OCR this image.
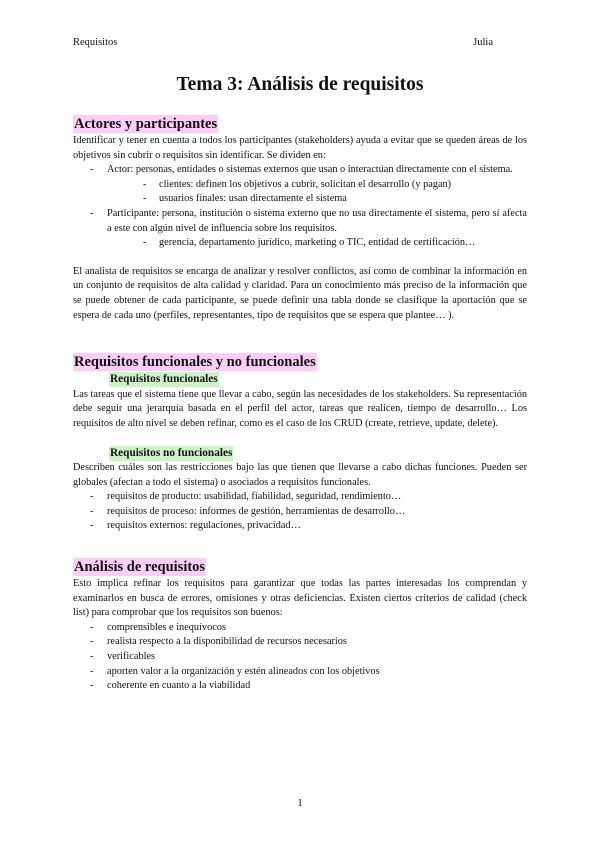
Requisitos	Julia
Tema 3: Análisis de requisitos
Actores y participantes

Identificar y tener en cuenta a todos los participantes (stakeholders) ayuda a evitar que se queden áreas de los objetivos sin cubrir o requisitos sin identificar. Se dividen en:

- Actor: personas, entidades o sistemas externos que usan o interactúan directamente con el sistema.
- clientes: definen los objetivos a cubrir, solicitan el desarrollo (y pagan)
- usuarios finales: usan directamente el sistema
- Participante: persona, institución o sistema externo que no usa directamente el sistema, pero sí afecta a este con algún nivel de influencia sobre los requisitos.
- gerencia, departamento jurídico, marketing o TIC, entidad de certificación…

El analista de requisitos se encarga de analizar y resolver conflictos, así como de combinar la información en un conjunto de requisitos de alta calidad y claridad. Para un conocimiento más preciso de la información que se puede obtener de cada participante, se puede definir una tabla donde se clasifique la aportación que se espera de cada uno (perfiles, representantes, tipo de requisitos que se espera que plantee… ).

Requisitos funcionales y no funcionales
Requisitos funcionales

Las tareas que el sistema tiene que llevar a cabo, según las necesidades de los stakeholders. Su representación debe seguir una jerarquía basada en el perfil del actor, tareas que realicen, tiempo de desarrollo… Los requisitos de alto nivel se deben refinar, como es el caso de los CRUD (create, retrieve, update, delete).

Requisitos no funcionales

Describen cuáles son las restricciones bajo las que tienen que llevarse a cabo dichas funciones. Pueden ser globales (afectan a todo el sistema) o asociados a requisitos funcionales.

- requisitos de producto: usabilidad, fiabilidad, seguridad, rendimiento…
- requisitos de proceso: informes de gestión, herramientas de desarrollo…
- requisitos externos: regulaciones, privacidad…
Análisis de requisitos

Esto implica refinar los requisitos para garantizar que todas las partes interesadas los comprendan y examinarlos en busca de errores, omisiones y otras deficiencias. Existen ciertos criterios de calidad (check list) para comprobar que los requisitos son buenos:

- comprensibles e inequívocos
- realista respecto a la disponibilidad de recursos necesarios
- verificables
- aporten valor a la organización y estén alineados con los objetivos
- coherente en cuanto a la viabilidad
1
